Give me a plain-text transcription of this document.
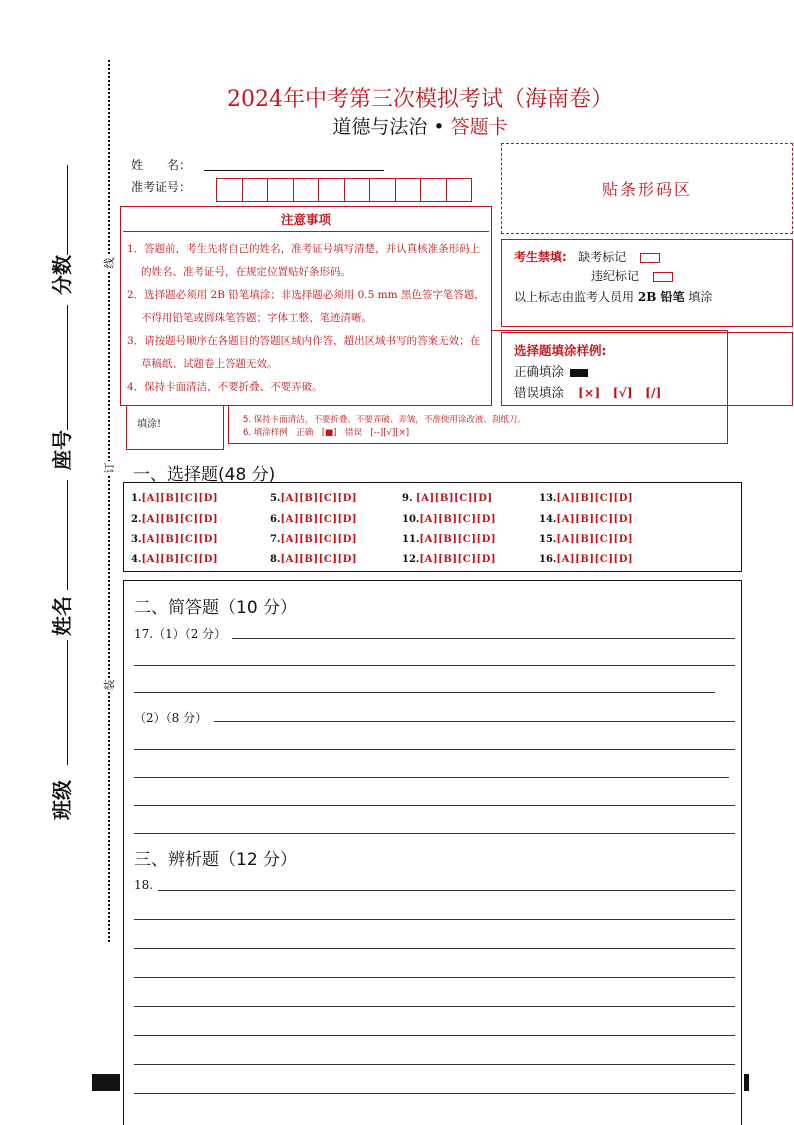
分数
座号
姓名
班级
线
订
装
2024年中考第三次模拟考试（海南卷）
道德与法治 • 答题卡
姓　　名：
准考证号：	贴条形码区
5. 保持卡面清洁，不要折叠、不要弄破、弄皱，不准使用涂改液、刮纸刀。
6. 填涂样例　正确　[■]　错误　[--][√][×]
填涂!
注意事项
1．答题前，考生先将自己的姓名，准考证号填写清楚，并认真核准条形码上的姓名、准考证号，在规定位置贴好条形码。
2．选择题必须用 2B 铅笔填涂；非选择题必须用 0.5 mm 黑色签字笔答题，不得用铅笔或圆珠笔答题；字体工整、笔迹清晰。
3．请按题号顺序在各题目的答题区域内作答，超出区域书写的答案无效；在草稿纸、试题卷上答题无效。
4．保持卡面清洁，不要折叠、不要弄破。
考生禁填: 缺考标记
违纪标记
以上标志由监考人员用 2B 铅笔 填涂
选择题填涂样例:
正确填涂
错误填涂 [×] [√] [/]
一、选择题(48 分)
1.[A][B][C][D]	5.[A][B][C][D]	9. [A][B][C][D]	13.[A][B][C][D]
2.[A][B][C][D]	6.[A][B][C][D]	10.[A][B][C][D]	14.[A][B][C][D]
3.[A][B][C][D]	7.[A][B][C][D]	11.[A][B][C][D]	15.[A][B][C][D]
4.[A][B][C][D]	8.[A][B][C][D]	12.[A][B][C][D]	16.[A][B][C][D]
二、简答题（10 分）
17.（1）（2 分）
（2）（8 分）
三、辨析题（12 分）
18.
